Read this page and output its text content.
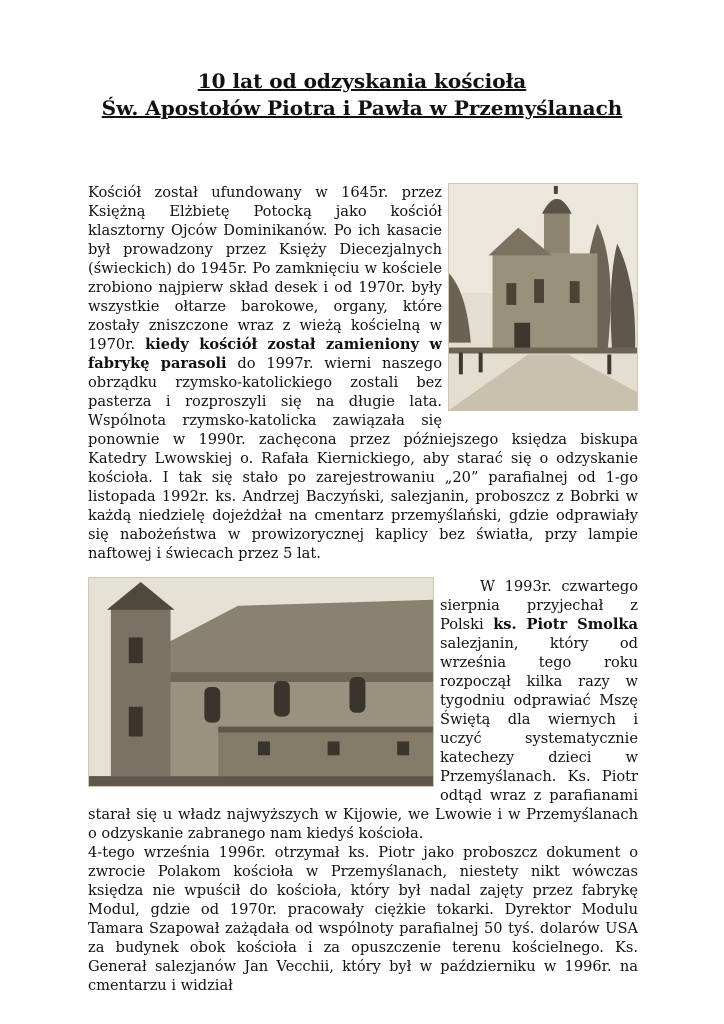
10 lat od odzyskania kościoła
Św. Apostołów Piotra i Pawła w Przemyślanach

Kościół został ufundowany w 1645r. przez Księżną Elżbietę Potocką jako kościół klasztorny Ojców Dominikanów. Po ich kasacie był prowadzony przez Księży Diecezjalnych (świeckich) do 1945r. Po zamknięciu w kościele zrobiono najpierw skład desek i od 1970r. były wszystkie ołtarze barokowe, organy, które zostały zniszczone wraz z wieżą kościelną w 1970r. kiedy kościół został zamieniony w fabrykę parasoli do 1997r. wierni naszego obrządku rzymsko-katolickiego zostali bez pasterza i rozproszyli się na długie lata. Wspólnota rzymsko-katolicka zawiązała się ponownie w 1990r. zachęcona przez późniejszego księdza biskupa Katedry Lwowskiej o. Rafała Kiernickiego, aby starać się o odzyskanie kościoła. I tak się stało po zarejestrowaniu „20” parafialnej od 1-go listopada 1992r. ks. Andrzej Baczyński, salezjanin, proboszcz z Bobrki w każdą niedzielę dojeżdżał na cmentarz przemyślański, gdzie odprawiały się nabożeństwa w prowizorycznej kaplicy bez światła, przy lampie naftowej i świecach przez 5 lat.

W 1993r. czwartego sierpnia przyjechał z Polski ks. Piotr Smolka salezjanin, który od września tego roku rozpoczął kilka razy w tygodniu odprawiać Mszę Świętą dla wiernych i uczyć systematycznie katechezy dzieci w Przemyślanach. Ks. Piotr odtąd wraz z parafianami starał się u władz najwyższych w Kijowie, we Lwowie i w Przemyślanach o odzyskanie zabranego nam kiedyś kościoła.

4-tego września 1996r. otrzymał ks. Piotr jako proboszcz dokument o zwrocie Polakom kościoła w Przemyślanach, niestety nikt wówczas księdza nie wpuścił do kościoła, który był nadal zajęty przez fabrykę Modul, gdzie od 1970r. pracowały ciężkie tokarki. Dyrektor Modulu Tamara Szapował zażądała od wspólnoty parafialnej 50 tyś. dolarów USA za budynek obok kościoła i za opuszczenie terenu kościelnego. Ks. Generał salezjanów Jan Vecchii, który był w październiku w 1996r. na cmentarzu i widział
